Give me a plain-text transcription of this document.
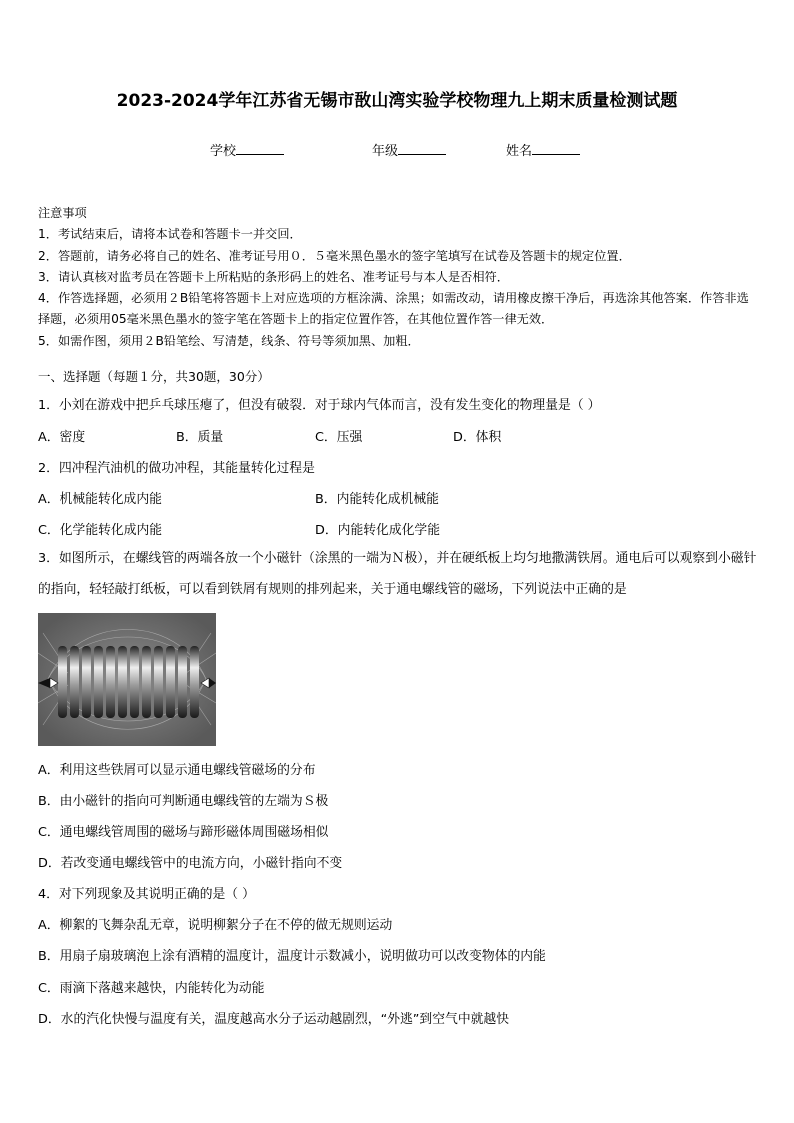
2023-2024学年江苏省无锡市敔山湾实验学校物理九上期末质量检测试题
学校	年级	姓名

注意事项

1．考试结束后，请将本试卷和答题卡一并交回．

2．答题前，请务必将自己的姓名、准考证号用０．５毫米黑色墨水的签字笔填写在试卷及答题卡的规定位置．

3．请认真核对监考员在答题卡上所粘贴的条形码上的姓名、准考证号与本人是否相符．

4．作答选择题，必须用２B铅笔将答题卡上对应选项的方框涂满、涂黑；如需改动，请用橡皮擦干净后，再选涂其他答案．作答非选择题，必须用05毫米黑色墨水的签字笔在答题卡上的指定位置作答，在其他位置作答一律无效．

5．如需作图，须用２B铅笔绘、写清楚，线条、符号等须加黑、加粗．

一、选择题（每题１分，共30题，30分）
1．小刘在游戏中把乒乓球压瘪了，但没有破裂．对于球内气体而言，没有发生变化的物理量是（ ）
A．密度	B．质量	C．压强	D．体积
2．四冲程汽油机的做功冲程，其能量转化过程是
A．机械能转化成内能	B．内能转化成机械能
C．化学能转化成内能	D．内能转化成化学能
3．如图所示，在螺线管的两端各放一个小磁针（涂黑的一端为Ｎ极），并在硬纸板上均匀地撒满铁屑。通电后可以观察到小磁针的指向，轻轻敲打纸板，可以看到铁屑有规则的排列起来，关于通电螺线管的磁场，下列说法中正确的是
A．利用这些铁屑可以显示通电螺线管磁场的分布
B．由小磁针的指向可判断通电螺线管的左端为Ｓ极
C．通电螺线管周围的磁场与蹄形磁体周围磁场相似
D．若改变通电螺线管中的电流方向，小磁针指向不变
4．对下列现象及其说明正确的是（ ）
A．柳絮的飞舞杂乱无章，说明柳絮分子在不停的做无规则运动
B．用扇子扇玻璃泡上涂有酒精的温度计，温度计示数减小，说明做功可以改变物体的内能
C．雨滴下落越来越快，内能转化为动能
D．水的汽化快慢与温度有关，温度越高水分子运动越剧烈，“外逃”到空气中就越快
